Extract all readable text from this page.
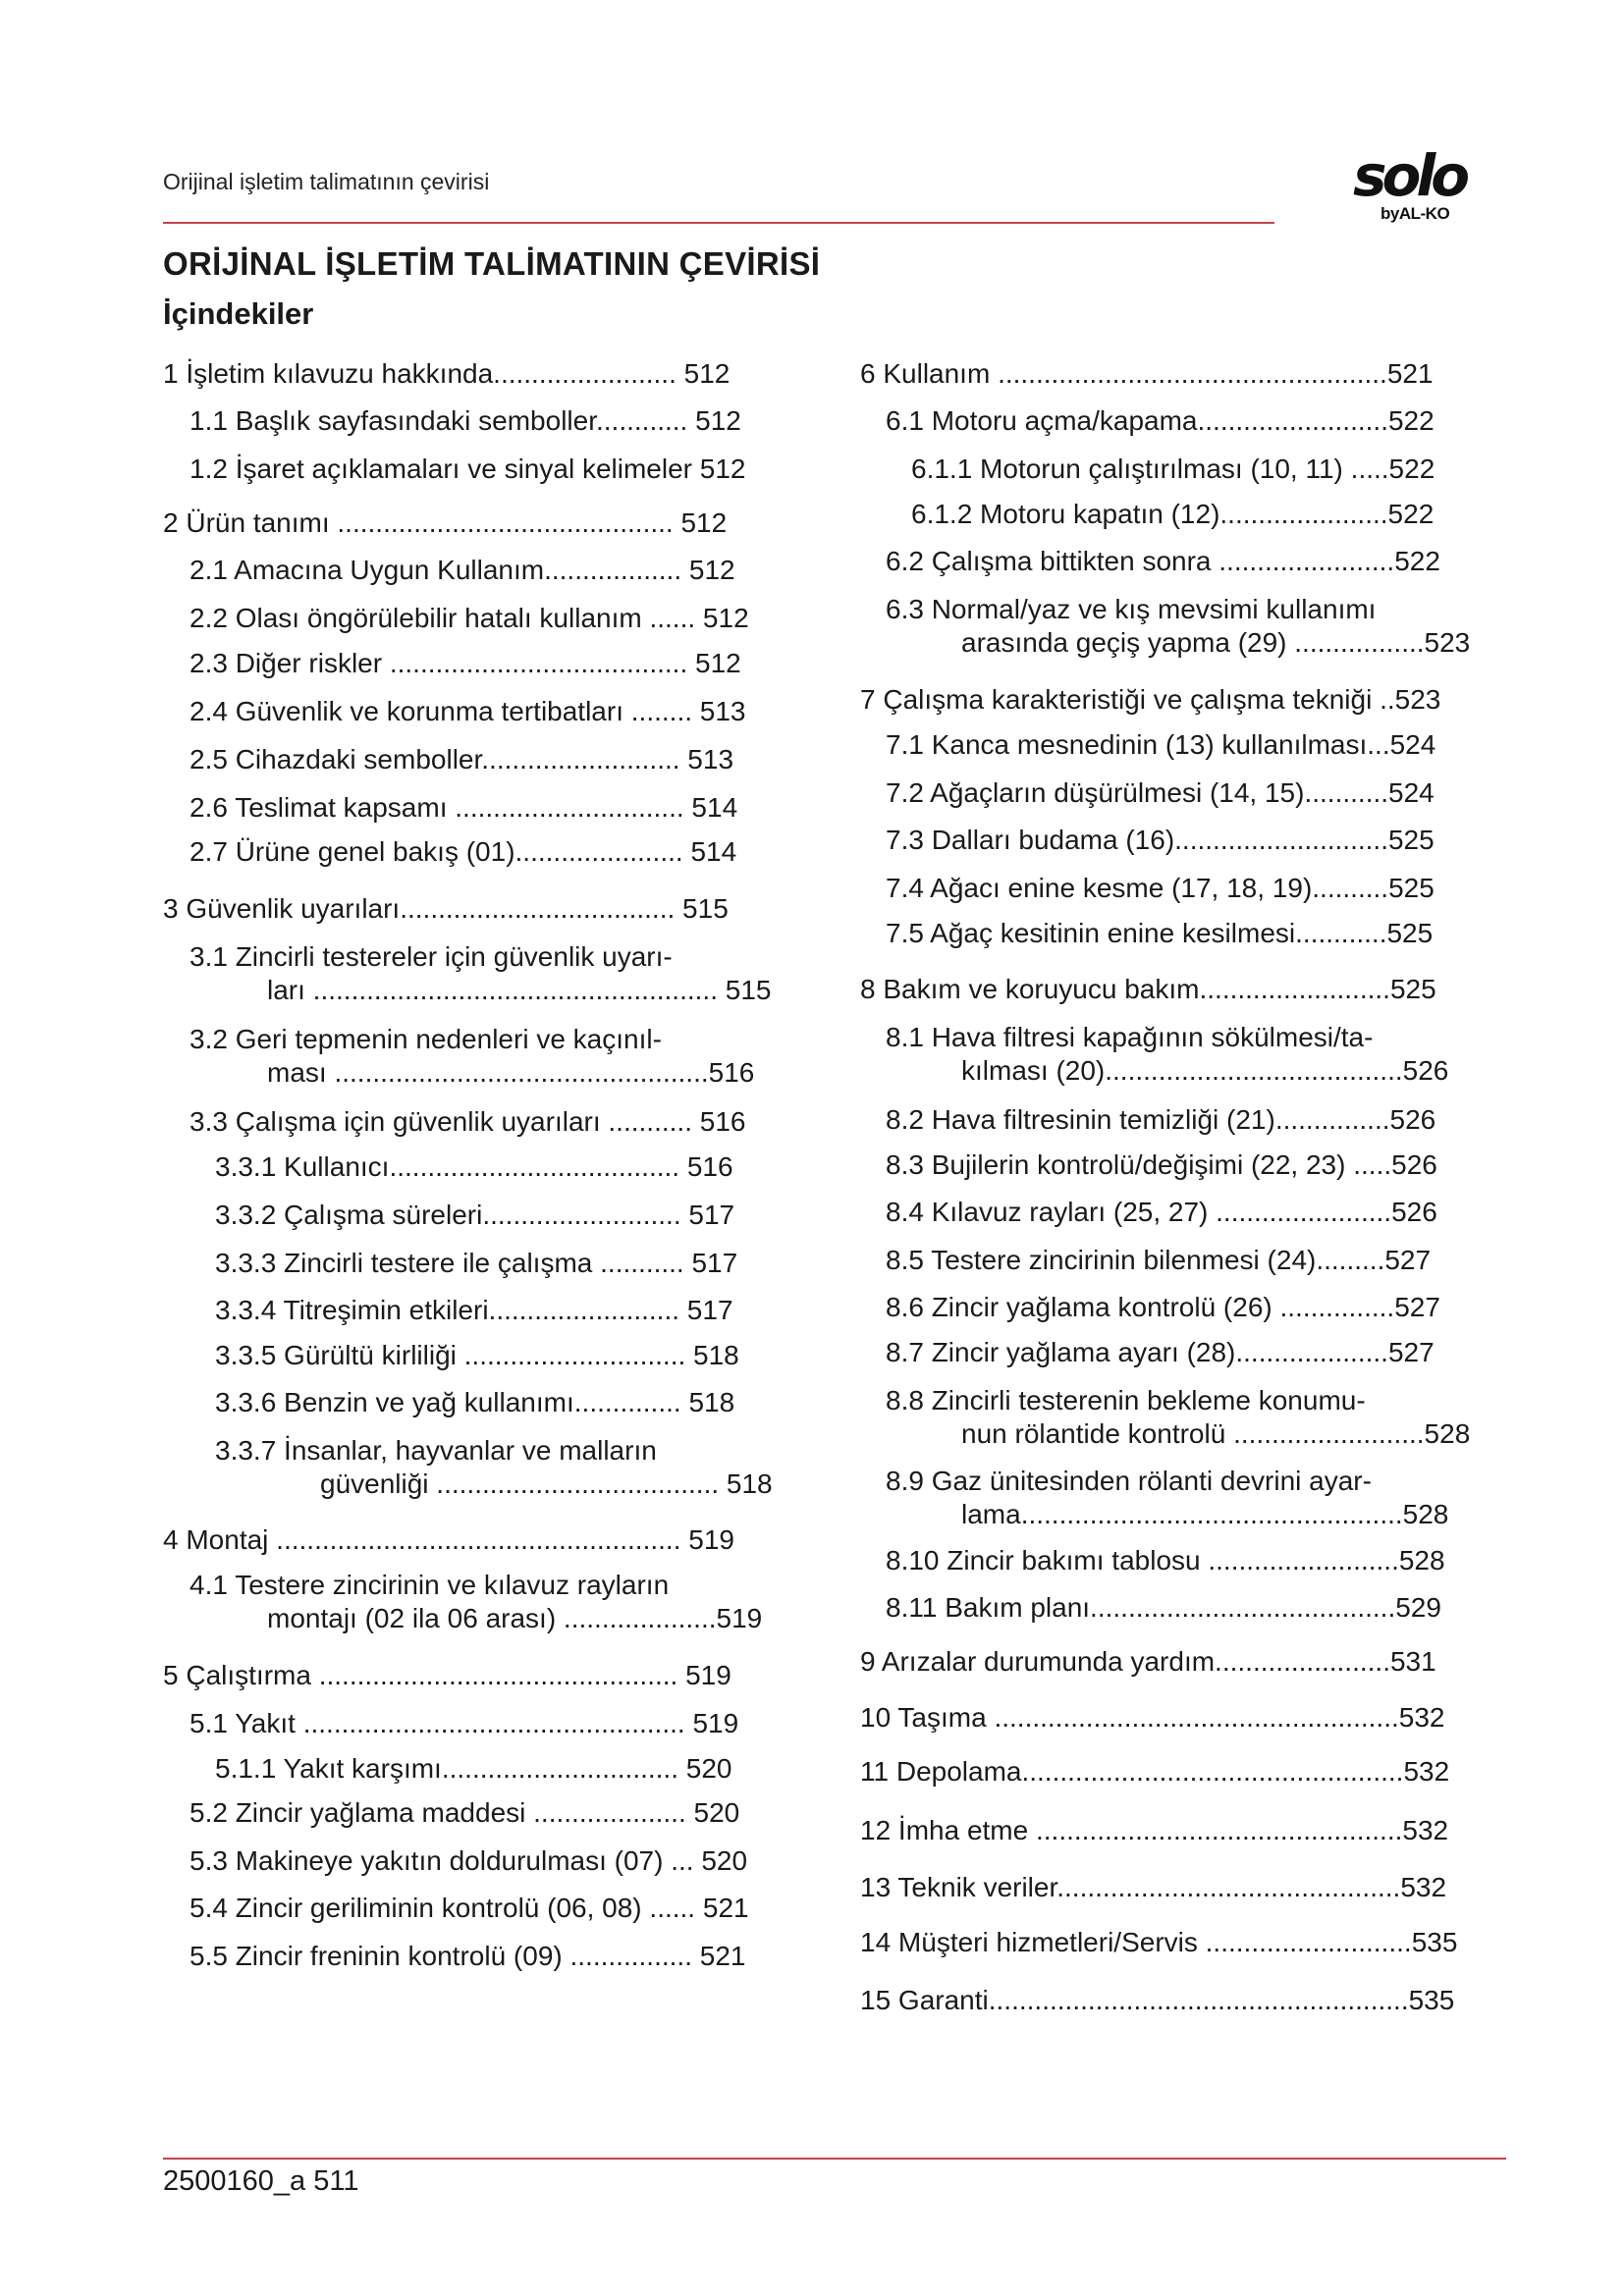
Orijinal işletim talimatının çevirisi	solo
byAL-KO
ORİJİNAL İŞLETİM TALİMATININ ÇEVİRİSİ
İçindekiler
1 İşletim kılavuzu hakkında........................ 512
1.1 Başlık sayfasındaki semboller............ 512
1.2 İşaret açıklamaları ve sinyal kelimeler 512
2 Ürün tanımı ............................................ 512
2.1 Amacına Uygun Kullanım.................. 512
2.2 Olası öngörülebilir hatalı kullanım ...... 512
2.3 Diğer riskler ....................................... 512
2.4 Güvenlik ve korunma tertibatları ........ 513
2.5 Cihazdaki semboller.......................... 513
2.6 Teslimat kapsamı .............................. 514
2.7 Ürüne genel bakış (01)...................... 514
3 Güvenlik uyarıları.................................... 515
3.1 Zincirli testereler için güvenlik uyarı-
ları ..................................................... 515
3.2 Geri tepmenin nedenleri ve kaçınıl-
ması .................................................516
3.3 Çalışma için güvenlik uyarıları ........... 516
3.3.1 Kullanıcı...................................... 516
3.3.2 Çalışma süreleri.......................... 517
3.3.3 Zincirli testere ile çalışma ........... 517
3.3.4 Titreşimin etkileri......................... 517
3.3.5 Gürültü kirliliği ............................. 518
3.3.6 Benzin ve yağ kullanımı.............. 518
3.3.7 İnsanlar, hayvanlar ve malların
güvenliği ..................................... 518
4 Montaj ..................................................... 519
4.1 Testere zincirinin ve kılavuz rayların
montajı (02 ila 06 arası) ....................519
5 Çalıştırma ............................................... 519
5.1 Yakıt .................................................. 519
5.1.1 Yakıt karşımı............................... 520
5.2 Zincir yağlama maddesi .................... 520
5.3 Makineye yakıtın doldurulması (07) ... 520
5.4 Zincir geriliminin kontrolü (06, 08) ...... 521
5.5 Zincir freninin kontrolü (09) ................ 521
6 Kullanım ...................................................521
6.1 Motoru açma/kapama.........................522
6.1.1 Motorun çalıştırılması (10, 11) .....522
6.1.2 Motoru kapatın (12)......................522
6.2 Çalışma bittikten sonra .......................522
6.3 Normal/yaz ve kış mevsimi kullanımı
arasında geçiş yapma (29) .................523
7 Çalışma karakteristiği ve çalışma tekniği ..523
7.1 Kanca mesnedinin (13) kullanılması...524
7.2 Ağaçların düşürülmesi (14, 15)...........524
7.3 Dalları budama (16)............................525
7.4 Ağacı enine kesme (17, 18, 19)..........525
7.5 Ağaç kesitinin enine kesilmesi............525
8 Bakım ve koruyucu bakım.........................525
8.1 Hava filtresi kapağının sökülmesi/ta-
kılması (20).......................................526
8.2 Hava filtresinin temizliği (21)...............526
8.3 Bujilerin kontrolü/değişimi (22, 23) .....526
8.4 Kılavuz rayları (25, 27) .......................526
8.5 Testere zincirinin bilenmesi (24).........527
8.6 Zincir yağlama kontrolü (26) ...............527
8.7 Zincir yağlama ayarı (28)....................527
8.8 Zincirli testerenin bekleme konumu-
nun rölantide kontrolü .........................528
8.9 Gaz ünitesinden rölanti devrini ayar-
lama..................................................528
8.10 Zincir bakımı tablosu .........................528
8.11 Bakım planı........................................529
9 Arızalar durumunda yardım.......................531
10 Taşıma .....................................................532
11 Depolama..................................................532
12 İmha etme ................................................532
13 Teknik veriler.............................................532
14 Müşteri hizmetleri/Servis ...........................535
15 Garanti.......................................................535
2500160_a 511
